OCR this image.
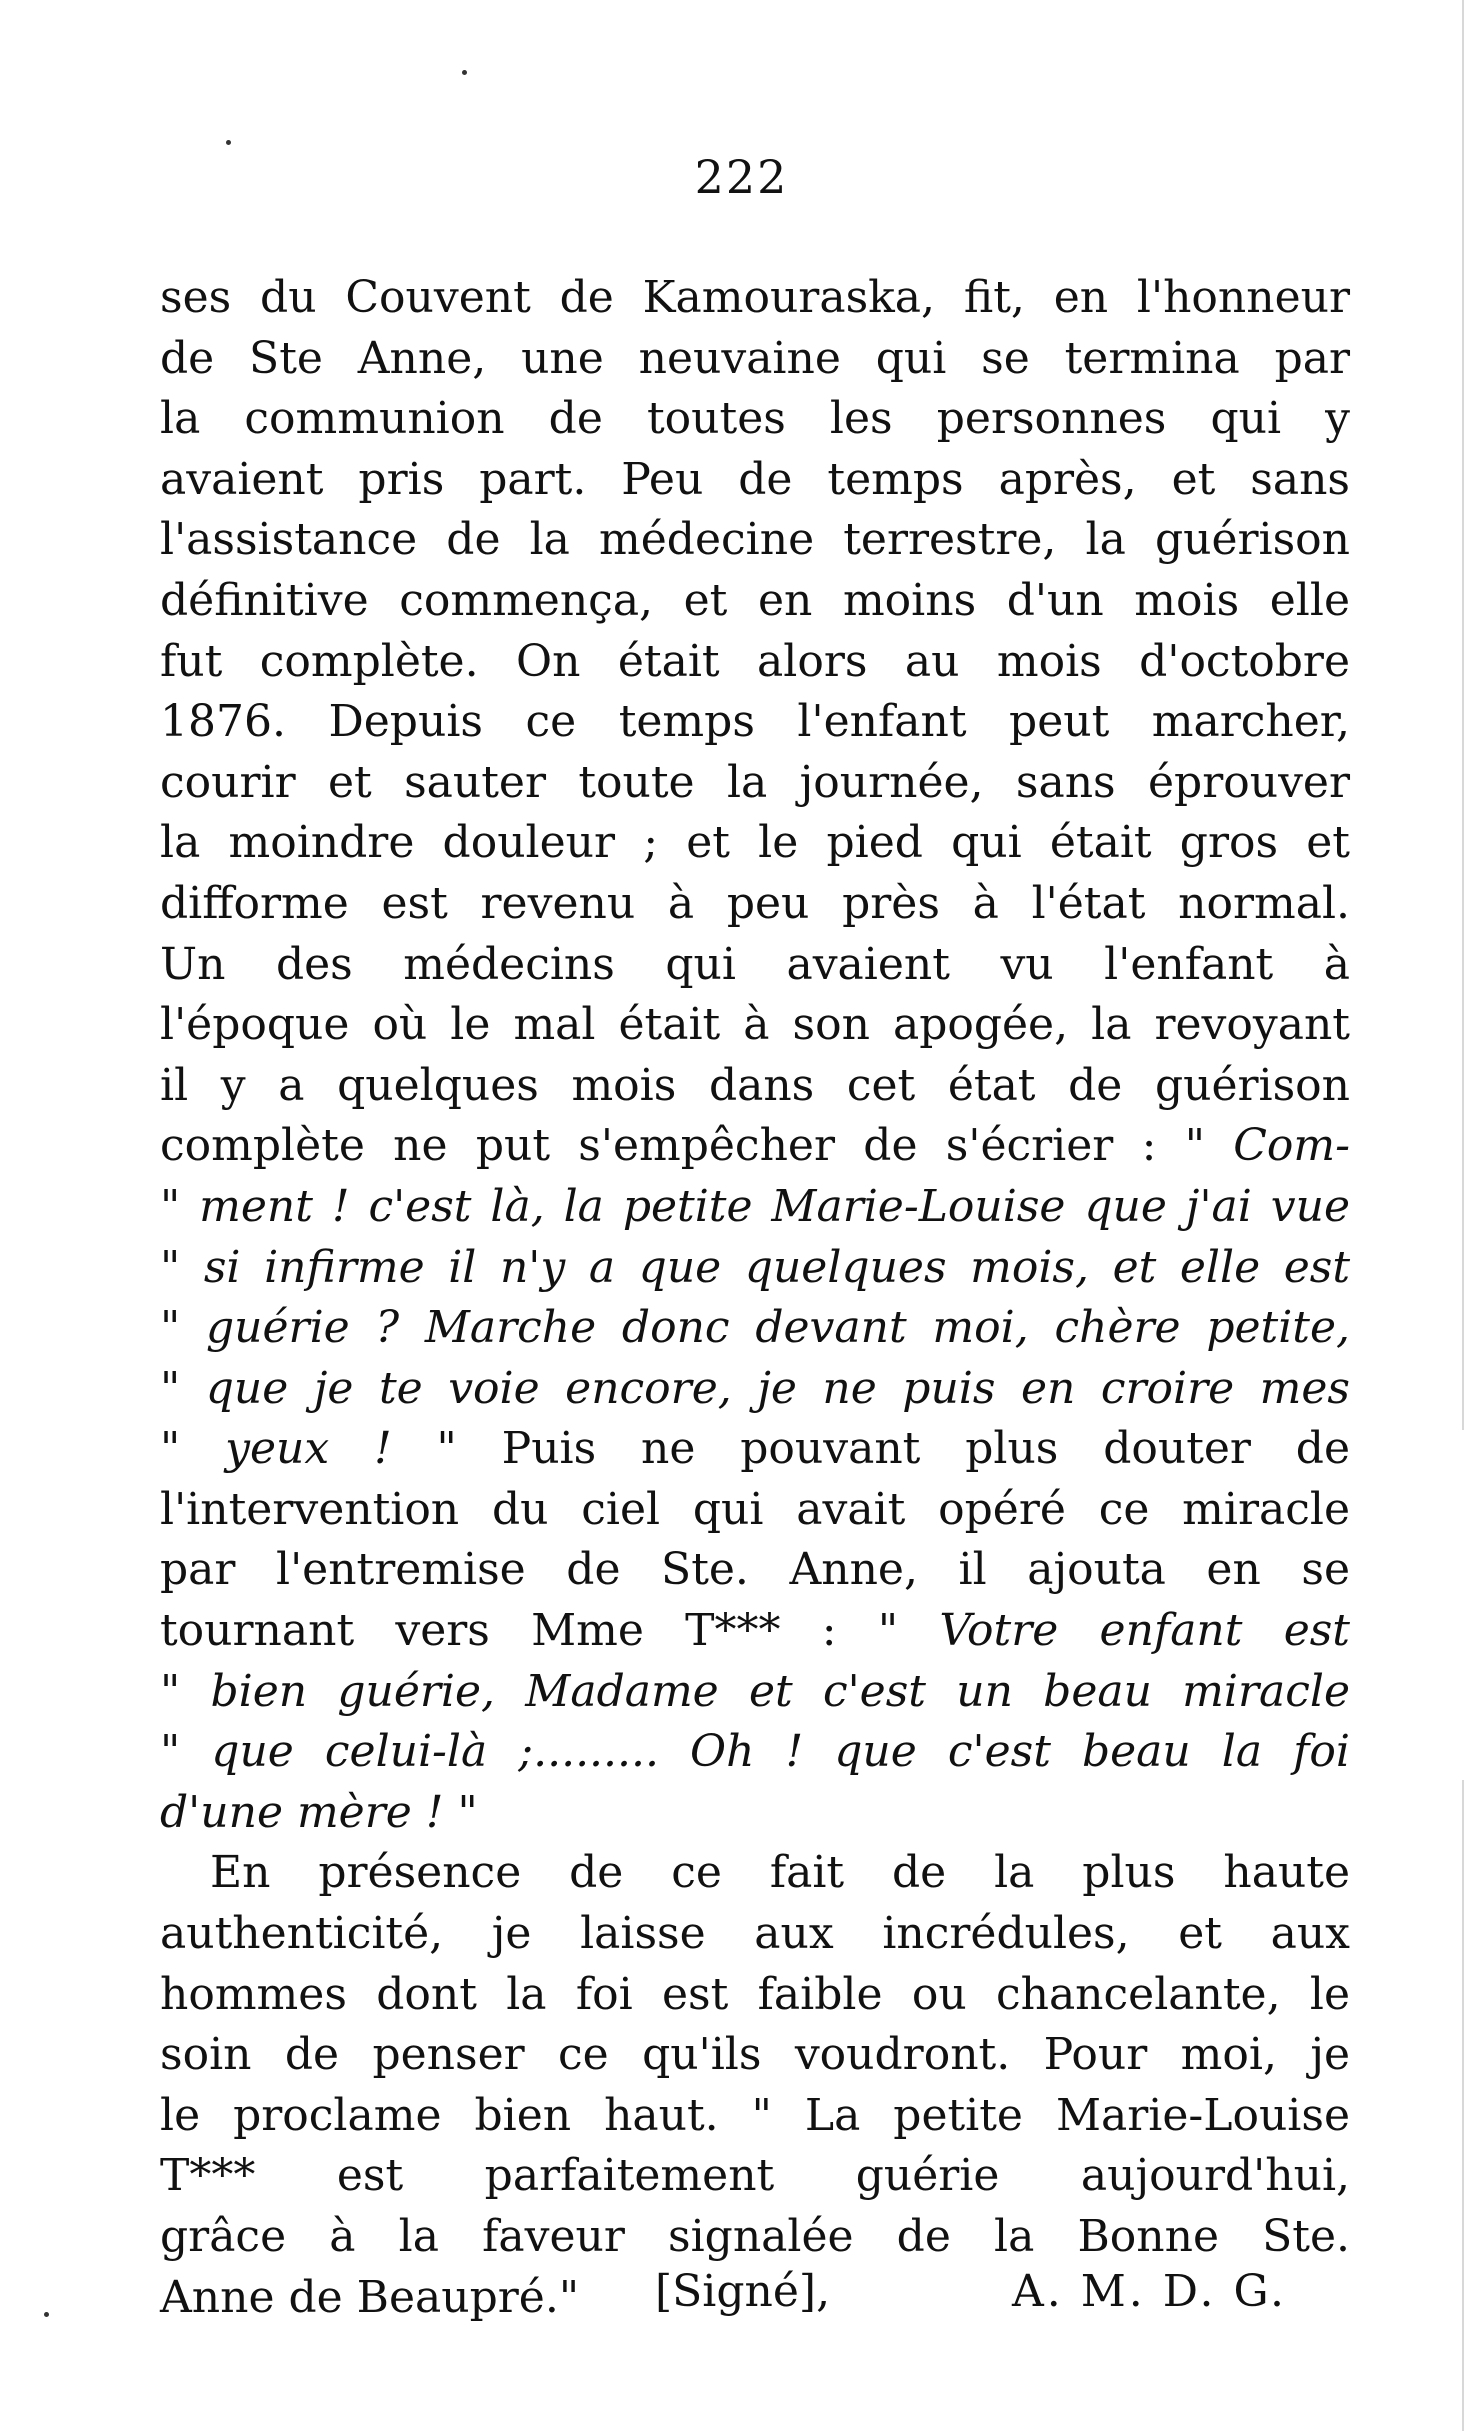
222
ses du Couvent de Kamouraska, fit, en l'honneur
de Ste Anne, une neuvaine qui se termina par
la communion de toutes les personnes qui y
avaient pris part. Peu de temps après, et sans
l'assistance de la médecine terrestre, la guérison
définitive commença, et en moins d'un mois elle
fut complète. On était alors au mois d'octobre
1876. Depuis ce temps l'enfant peut marcher,
courir et sauter toute la journée, sans éprouver
la moindre douleur ; et le pied qui était gros et
difforme est revenu à peu près à l'état normal.
Un des médecins qui avaient vu l'enfant à
l'époque où le mal était à son apogée, la revoyant
il y a quelques mois dans cet état de guérison
complète ne put s'empêcher de s'écrier : " Com-
" ment ! c'est là, la petite Marie-Louise que j'ai vue
" si infirme il n'y a que quelques mois, et elle est
" guérie ? Marche donc devant moi, chère petite,
" que je te voie encore, je ne puis en croire mes
" yeux ! " Puis ne pouvant plus douter de
l'intervention du ciel qui avait opéré ce miracle
par l'entremise de Ste. Anne, il ajouta en se
tournant vers Mme T*** : " Votre enfant est
" bien guérie, Madame et c'est un beau miracle
" que celui-là ;......... Oh ! que c'est beau la foi
d'une mère ! "
En présence de ce fait de la plus haute
authenticité, je laisse aux incrédules, et aux
hommes dont la foi est faible ou chancelante, le
soin de penser ce qu'ils voudront. Pour moi, je
le proclame bien haut. " La petite Marie-Louise
T*** est parfaitement guérie aujourd'hui,
grâce à la faveur signalée de la Bonne Ste.
Anne de Beaupré."	[Signé],	A. M. D. G.
